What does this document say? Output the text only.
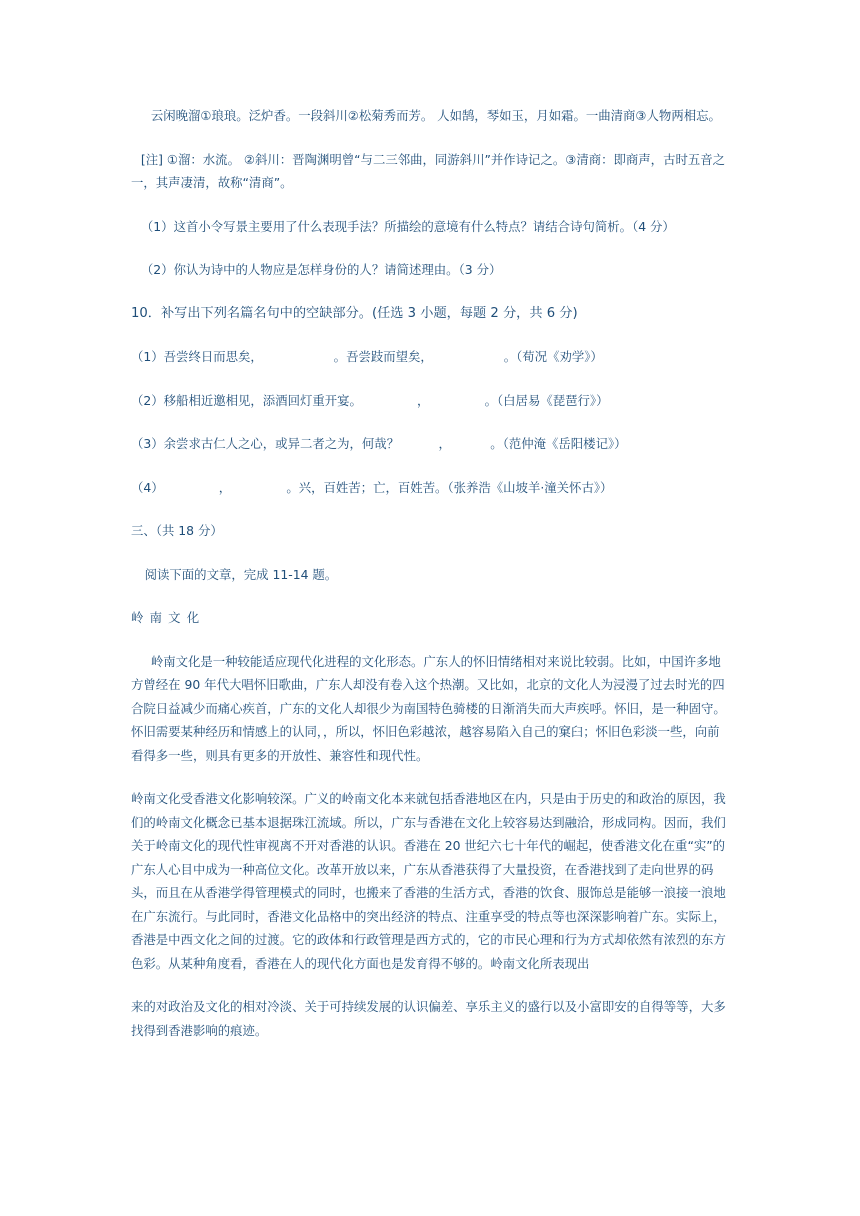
云闲晚溜①琅琅。泛炉香。一段斜川②松菊秀而芳。 人如鹄，琴如玉，月如霜。一曲清商③人物两相忘。

[注] ①溜：水流。 ②斜川：晋陶渊明曾“与二三邻曲，同游斜川”并作诗记之。③清商：即商声，古时五音之一，其声凄清，故称“清商”。

（1）这首小令写景主要用了什么表现手法？所描绘的意境有什么特点？请结合诗句简析。（4 分）

（2）你认为诗中的人物应是怎样身份的人？请简述理由。（3 分）

10．补写出下列名篇名句中的空缺部分。(任选 3 小题，每题 2 分，共 6 分)

（1）吾尝终日而思矣，                  。吾尝跂而望矣，                  。（荀况《劝学》）

（2）移船相近邀相见，添酒回灯重开宴。              ，              。（白居易《琵琶行》）

（3）余尝求古仁人之心，或异二者之为，何哉？          ，          。（范仲淹《岳阳楼记》）

（4）              ，              。兴，百姓苦；亡，百姓苦。（张养浩《山坡羊·潼关怀古》）

三、（共 18 分）

阅读下面的文章，完成 11-14 题。

岭南文化

岭南文化是一种较能适应现代化进程的文化形态。广东人的怀旧情绪相对来说比较弱。比如，中国许多地方曾经在 90 年代大唱怀旧歌曲，广东人却没有卷入这个热潮。又比如，北京的文化人为浸漫了过去时光的四合院日益减少而痛心疾首，广东的文化人却很少为南国特色骑楼的日渐消失而大声疾呼。怀旧，是一种固守。怀旧需要某种经历和情感上的认同，，所以，怀旧色彩越浓，越容易陷入自己的窠臼；怀旧色彩淡一些，向前看得多一些，则具有更多的开放性、兼容性和现代性。

岭南文化受香港文化影响较深。广义的岭南文化本来就包括香港地区在内，只是由于历史的和政治的原因，我们的岭南文化概念已基本退据珠江流域。所以，广东与香港在文化上较容易达到融洽，形成同构。因而，我们关于岭南文化的现代性审视离不开对香港的认识。香港在 20 世纪六七十年代的崛起，使香港文化在重“实”的广东人心目中成为一种高位文化。改革开放以来，广东从香港获得了大量投资，在香港找到了走向世界的码头，而且在从香港学得管理模式的同时，也搬来了香港的生活方式，香港的饮食、服饰总是能够一浪接一浪地在广东流行。与此同时，香港文化品格中的突出经济的特点、注重享受的特点等也深深影响着广东。实际上，香港是中西文化之间的过渡。它的政体和行政管理是西方式的，它的市民心理和行为方式却依然有浓烈的东方色彩。从某种角度看，香港在人的现代化方面也是发育得不够的。岭南文化所表现出

来的对政治及文化的相对冷淡、关于可持续发展的认识偏差、享乐主义的盛行以及小富即安的自得等等，大多找得到香港影响的痕迹。
